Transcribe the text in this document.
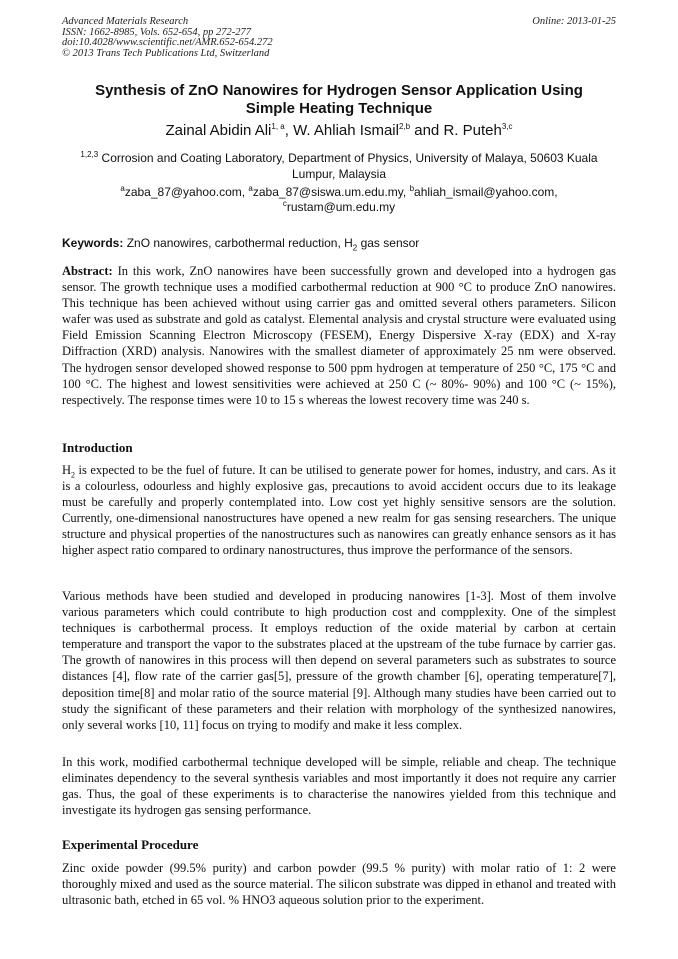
Advanced Materials Research
ISSN: 1662-8985, Vols. 652-654, pp 272-277
doi:10.4028/www.scientific.net/AMR.652-654.272
© 2013 Trans Tech Publications Ltd, Switzerland
Online: 2013-01-25
Synthesis of ZnO Nanowires for Hydrogen Sensor Application Using Simple Heating Technique
Zainal Abidin Ali$^{1, a}$, W. Ahliah Ismail$^{2,b}$ and R. Puteh$^{3,c}$
$^{1,2,3}$ Corrosion and Coating Laboratory, Department of Physics, University of Malaya, 50603 Kuala Lumpur, Malaysia
$^a$zaba_87@yahoo.com, $^a$zaba_87@siswa.um.edu.my, $^b$ahliah_ismail@yahoo.com,
$^c$rustam@um.edu.my
Keywords: ZnO nanowires, carbothermal reduction, $H_2$ gas sensor
Abstract: In this work, ZnO nanowires have been successfully grown and developed into a hydrogen gas sensor. The growth technique uses a modified carbothermal reduction at 900 °C to produce ZnO nanowires. This technique has been achieved without using carrier gas and omitted several others parameters. Silicon wafer was used as substrate and gold as catalyst. Elemental analysis and crystal structure were evaluated using Field Emission Scanning Electron Microscopy (FESEM), Energy Dispersive X-ray (EDX) and X-ray Diffraction (XRD) analysis. Nanowires with the smallest diameter of approximately 25 nm were observed. The hydrogen sensor developed showed response to 500 ppm hydrogen at temperature of 250 °C, 175 °C and 100 °C. The highest and lowest sensitivities were achieved at 250 C (~ 80%- 90%) and 100 °C (~ 15%), respectively. The response times were 10 to 15 s whereas the lowest recovery time was 240 s.
Introduction
$H_2$ is expected to be the fuel of future. It can be utilised to generate power for homes, industry, and cars. As it is a colourless, odourless and highly explosive gas, precautions to avoid accident occurs due to its leakage must be carefully and properly contemplated into. Low cost yet highly sensitive sensors are the solution. Currently, one-dimensional nanostructures have opened a new realm for gas sensing researchers. The unique structure and physical properties of the nanostructures such as nanowires can greatly enhance sensors as it has higher aspect ratio compared to ordinary nanostructures, thus improve the performance of the sensors.
Various methods have been studied and developed in producing nanowires [1-3]. Most of them involve various parameters which could contribute to high production cost and compplexity. One of the simplest techniques is carbothermal process. It employs reduction of the oxide material by carbon at certain temperature and transport the vapor to the substrates placed at the upstream of the tube furnace by carrier gas. The growth of nanowires in this process will then depend on several parameters such as substrates to source distances [4], flow rate of the carrier gas[5], pressure of the growth chamber [6], operating temperature[7], deposition time[8] and molar ratio of the source material [9]. Although many studies have been carried out to study the significant of these parameters and their relation with morphology of the synthesized nanowires, only several works [10, 11] focus on trying to modify and make it less complex.
In this work, modified carbothermal technique developed will be simple, reliable and cheap. The technique eliminates dependency to the several synthesis variables and most importantly it does not require any carrier gas. Thus, the goal of these experiments is to characterise the nanowires yielded from this technique and investigate its hydrogen gas sensing performance.
Experimental Procedure
Zinc oxide powder (99.5% purity) and carbon powder (99.5 % purity) with molar ratio of 1: 2 were thoroughly mixed and used as the source material. The silicon substrate was dipped in ethanol and treated with ultrasonic bath, etched in 65 vol. % HNO3 aqueous solution prior to the experiment.
